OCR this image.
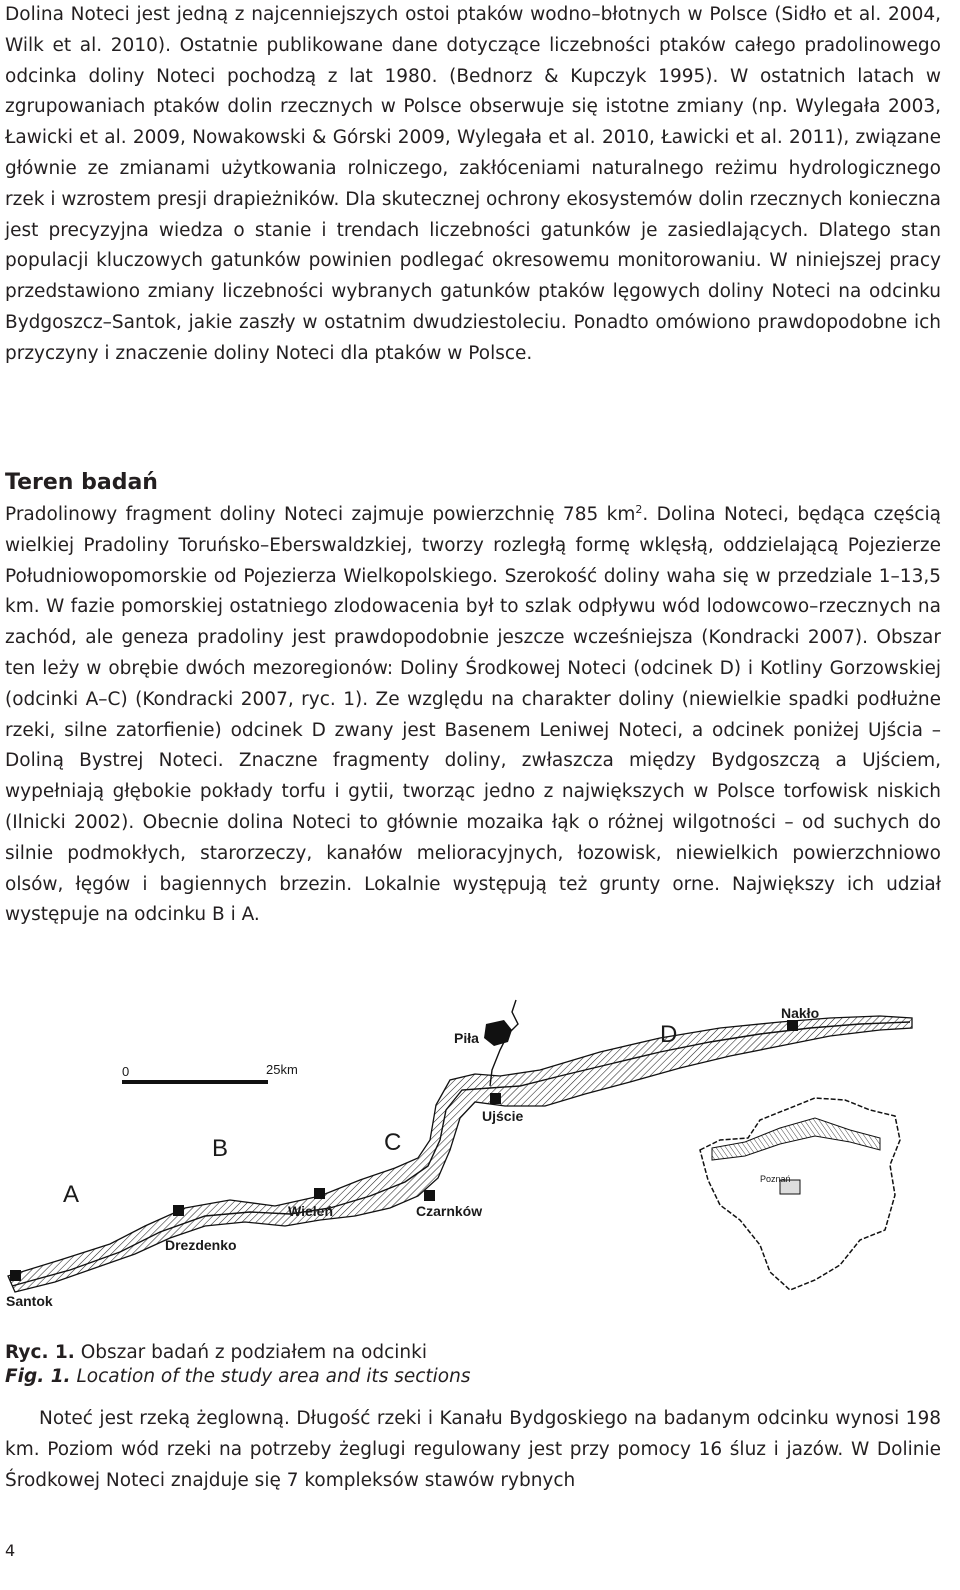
Dolina Noteci jest jedną z najcenniejszych ostoi ptaków wodno–błotnych w Polsce (Sidło et al. 2004, Wilk et al. 2010). Ostatnie publikowane dane dotyczące liczebności ptaków całego pradolinowego odcinka doliny Noteci pochodzą z lat 1980. (Bednorz & Kupczyk 1995). W ostatnich latach w zgrupowaniach ptaków dolin rzecznych w Polsce obserwuje się istotne zmiany (np. Wylegała 2003, Ławicki et al. 2009, Nowakowski & Górski 2009, Wylegała et al. 2010, Ławicki et al. 2011), związane głównie ze zmianami użytkowania rolniczego, zakłóceniami naturalnego reżimu hydrologicznego rzek i wzrostem presji drapieżników. Dla skutecznej ochrony ekosystemów dolin rzecznych konieczna jest precyzyjna wiedza o stanie i trendach liczebności gatunków je zasiedlających. Dlatego stan populacji kluczowych gatunków powinien podlegać okresowemu monitorowaniu. W niniejszej pracy przedstawiono zmiany liczebności wybranych gatunków ptaków lęgowych doliny Noteci na odcinku Bydgoszcz–Santok, jakie zaszły w ostatnim dwudziestoleciu. Ponadto omówiono prawdopodobne ich przyczyny i znaczenie doliny Noteci dla ptaków w Polsce.

Teren badań

Pradolinowy fragment doliny Noteci zajmuje powierzchnię 785 $km^2$. Dolina Noteci, będąca częścią wielkiej Pradoliny Toruńsko–Eberswaldzkiej, tworzy rozległą formę wklęsłą, oddzielającą Pojezierze Południowopomorskie od Pojezierza Wielkopolskiego. Szerokość doliny waha się w przedziale 1–13,5 km. W fazie pomorskiej ostatniego zlodowacenia był to szlak odpływu wód lodowcowo–rzecznych na zachód, ale geneza pradoliny jest prawdopodobnie jeszcze wcześniejsza (Kondracki 2007). Obszar ten leży w obrębie dwóch mezoregionów: Doliny Środkowej Noteci (odcinek D) i Kotliny Gorzowskiej (odcinki A–C) (Kondracki 2007, ryc. 1). Ze względu na charakter doliny (niewielkie spadki podłużne rzeki, silne zatorfienie) odcinek D zwany jest Basenem Leniwej Noteci, a odcinek poniżej Ujścia – Doliną Bystrej Noteci. Znaczne fragmenty doliny, zwłaszcza między Bydgoszczą a Ujściem, wypełniają głębokie pokłady torfu i gytii, tworząc jedno z największych w Polsce torfowisk niskich (Ilnicki 2002). Obecnie dolina Noteci to głównie mozaika łąk o różnej wilgotności – od suchych do silnie podmokłych, starorzeczy, kanałów melioracyjnych, łozowisk, niewielkich powierzchniowo olsów, łęgów i bagiennych brzezin. Lokalnie występują też grunty orne. Największy ich udział występuje na odcinku B i A.

0	25km
Poznań
Piła
Nakło
Ujście
Czarnków
Wieleń
Drezdenko
Santok
A
B	C
D

Ryc. 1. Obszar badań z podziałem na odcinki

Fig. 1. Location of the study area and its sections

Noteć jest rzeką żeglowną. Długość rzeki i Kanału Bydgoskiego na badanym odcinku wynosi 198 km. Poziom wód rzeki na potrzeby żeglugi regulowany jest przy pomocy 16 śluz i jazów. W Dolinie Środkowej Noteci znajduje się 7 kompleksów stawów rybnych

4
